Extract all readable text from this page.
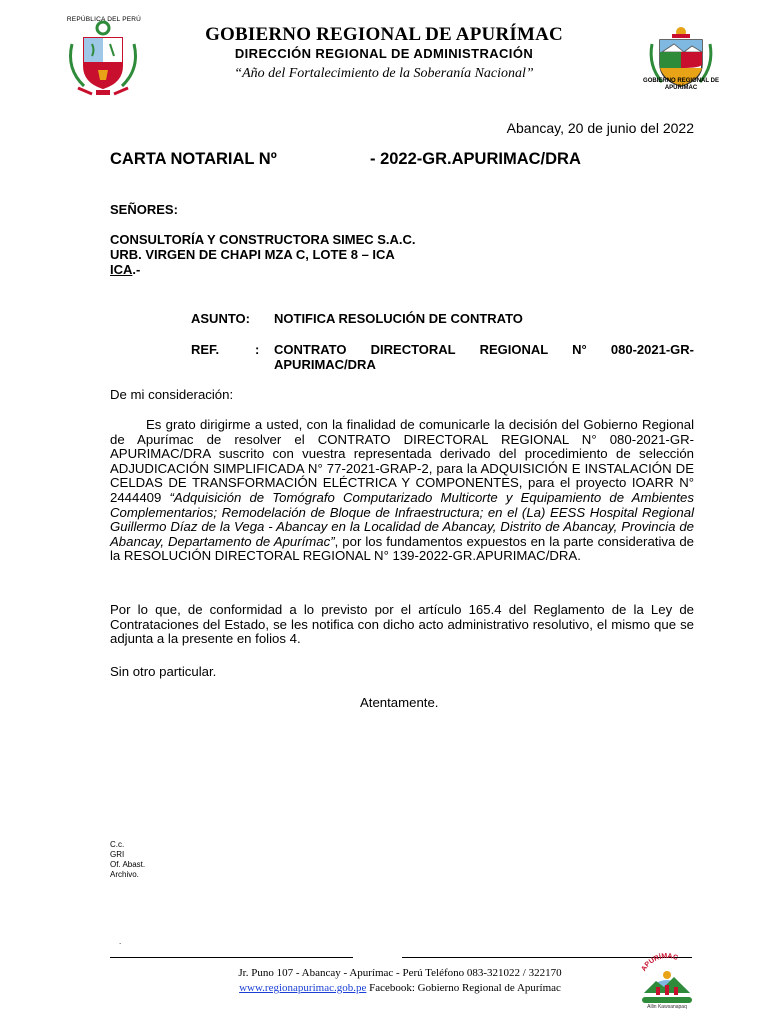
REPÚBLICA DEL PERÚ
GOBIERNO REGIONAL DE APURÍMAC
DIRECCIÓN REGIONAL DE ADMINISTRACIÓN
“Año del Fortalecimiento de la Soberanía Nacional”	GOBIERNO REGIONAL DE
APURÍMAC
Abancay, 20 de junio del 2022
CARTA NOTARIAL Nº	- 2022-GR.APURIMAC/DRA
SEÑORES:
CONSULTORÍA Y CONSTRUCTORA SIMEC S.A.C.
URB. VIRGEN DE CHAPI MZA C, LOTE 8 – ICA
ICA.-
ASUNTO: NOTIFICA RESOLUCIÓN DE CONTRATO
REF.	: CONTRATO DIRECTORAL REGIONAL N° 080-2021-GR-APURIMAC/DRA
De mi consideración:
Es grato dirigirme a usted, con la finalidad de comunicarle la decisión del Gobierno Regional de Apurímac de resolver el CONTRATO DIRECTORAL REGIONAL N° 080-2021-GR-APURIMAC/DRA suscrito con vuestra representada derivado del procedimiento de selección ADJUDICACIÓN SIMPLIFICADA N° 77-2021-GRAP-2, para la ADQUISICIÓN E INSTALACIÓN DE CELDAS DE TRANSFORMACIÓN ELÉCTRICA Y COMPONENTES, para el proyecto IOARR N° 2444409 “Adquisición de Tomógrafo Computarizado Multicorte y Equipamiento de Ambientes Complementarios; Remodelación de Bloque de Infraestructura; en el (La) EESS Hospital Regional Guillermo Díaz de la Vega - Abancay en la Localidad de Abancay, Distrito de Abancay, Provincia de Abancay, Departamento de Apurímac”, por los fundamentos expuestos en la parte considerativa de la RESOLUCIÓN DIRECTORAL REGIONAL N° 139-2022-GR.APURIMAC/DRA.
Por lo que, de conformidad a lo previsto por el artículo 165.4 del Reglamento de la Ley de Contrataciones del Estado, se les notifica con dicho acto administrativo resolutivo, el mismo que se adjunta a la presente en folios 4.
Sin otro particular.
Atentamente.
C.c.
GRI
Of. Abast.
Archivo.
.
Jr. Puno 107 - Abancay - Apurímac - Perú Teléfono 083-321022 / 322170
www.regionapurimac.gob.pe Facebook: Gobierno Regional de Apurímac
APURÍMAC
Allin Kawsanapaq
